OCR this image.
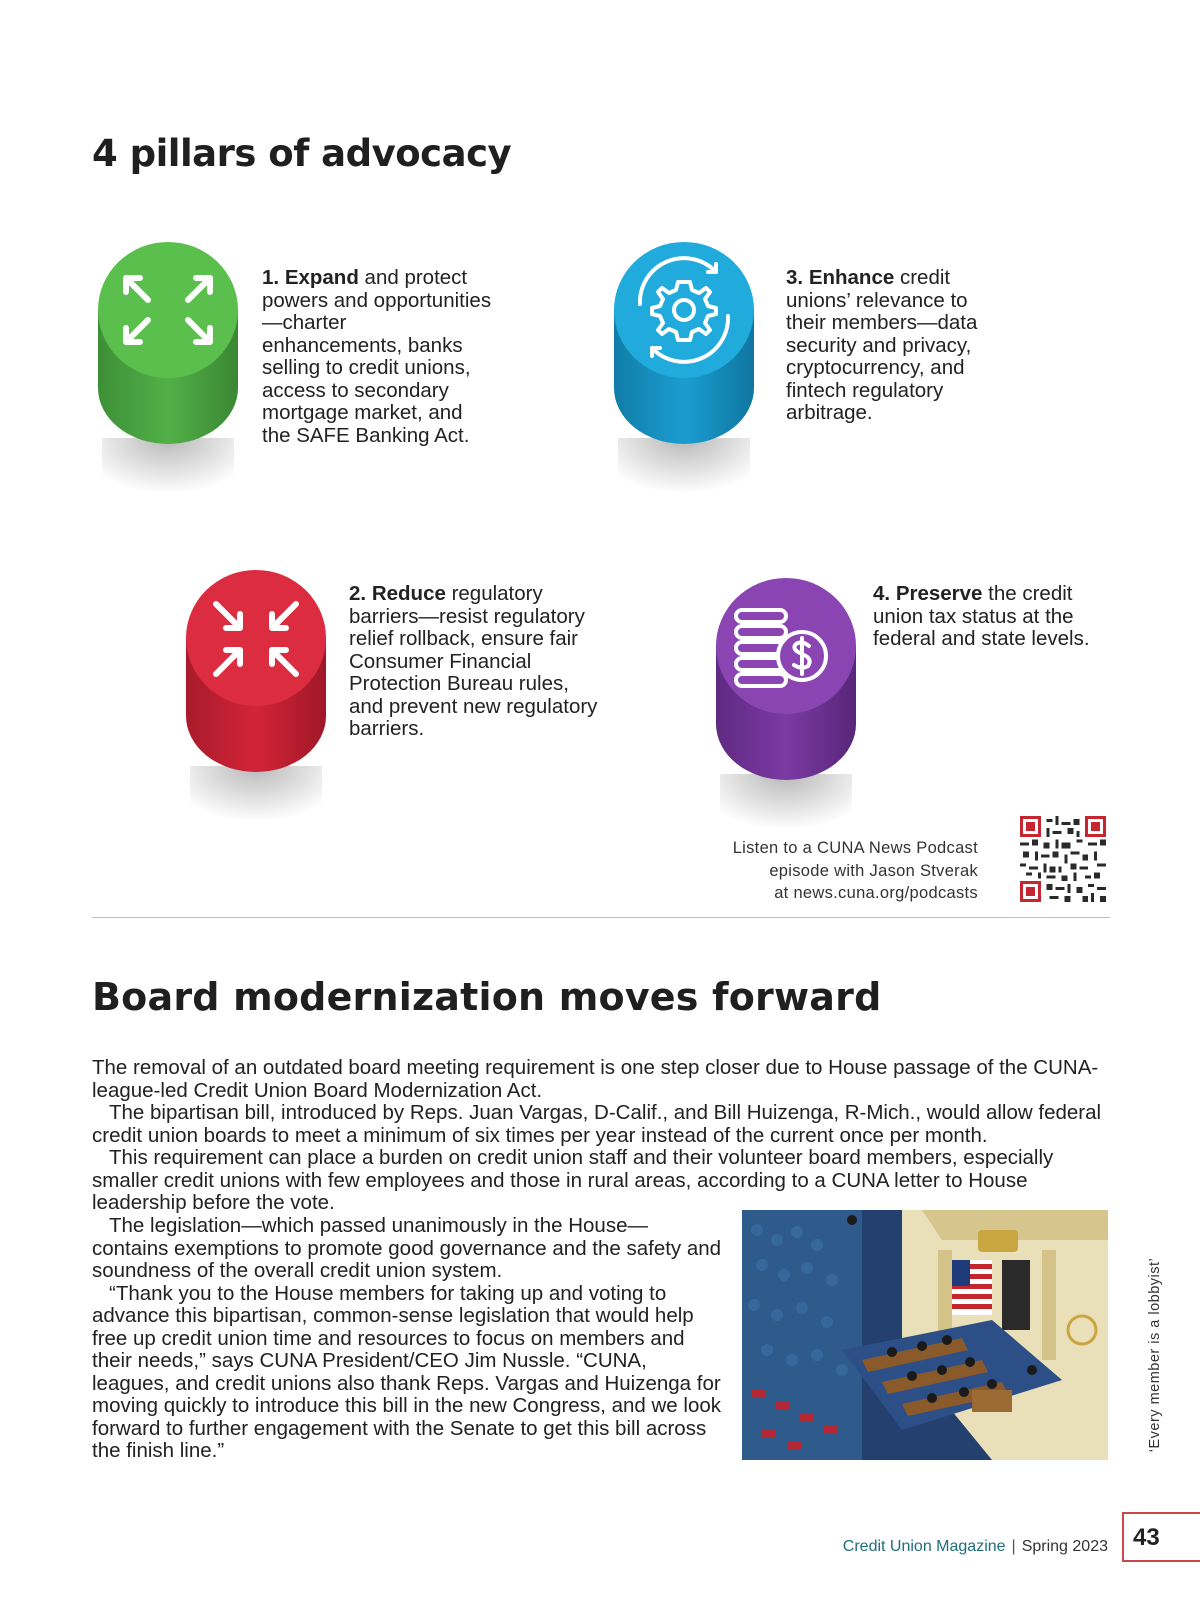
4 pillars of advocacy
1. Expand and protect powers and opportunities—charter enhancements, banks selling to credit unions, access to secondary mortgage market, and the SAFE Banking Act.
3. Enhance credit unions’ relevance to their members—data security and privacy, cryptocurrency, and fintech regulatory arbitrage.
2. Reduce regulatory barriers—resist regulatory relief rollback, ensure fair Consumer Financial Protection Bureau rules, and prevent new regulatory barriers.
4. Preserve the credit union tax status at the federal and state levels.
Listen to a CUNA News Podcast
episode with Jason Stverak
at news.cuna.org/podcasts
Board modernization moves forward

The removal of an outdated board meeting requirement is one step closer due to House passage of the CUNA-league-led Credit Union Board Modernization Act.

The bipartisan bill, introduced by Reps. Juan Vargas, D-Calif., and Bill Huizenga, R-Mich., would allow federal credit union boards to meet a minimum of six times per year instead of the current once per month.

This requirement can place a burden on credit union staff and their volunteer board members, especially smaller credit unions with few employees and those in rural areas, according to a CUNA letter to House leadership before the vote.

The legislation—which passed unanimously in the House—contains exemptions to promote good governance and the safety and soundness of the overall credit union system.

“Thank you to the House members for taking up and voting to advance this bipartisan, common-sense legislation that would help free up credit union time and resources to focus on members and their needs,” says CUNA President/CEO Jim Nussle. “CUNA, leagues, and credit unions also thank Reps. Vargas and Huizenga for moving quickly to introduce this bill in the new Congress, and we look forward to further engagement with the Senate to get this bill across the finish line.”	‘Every member is a lobbyist’
Credit Union Magazine | Spring 2023 43
